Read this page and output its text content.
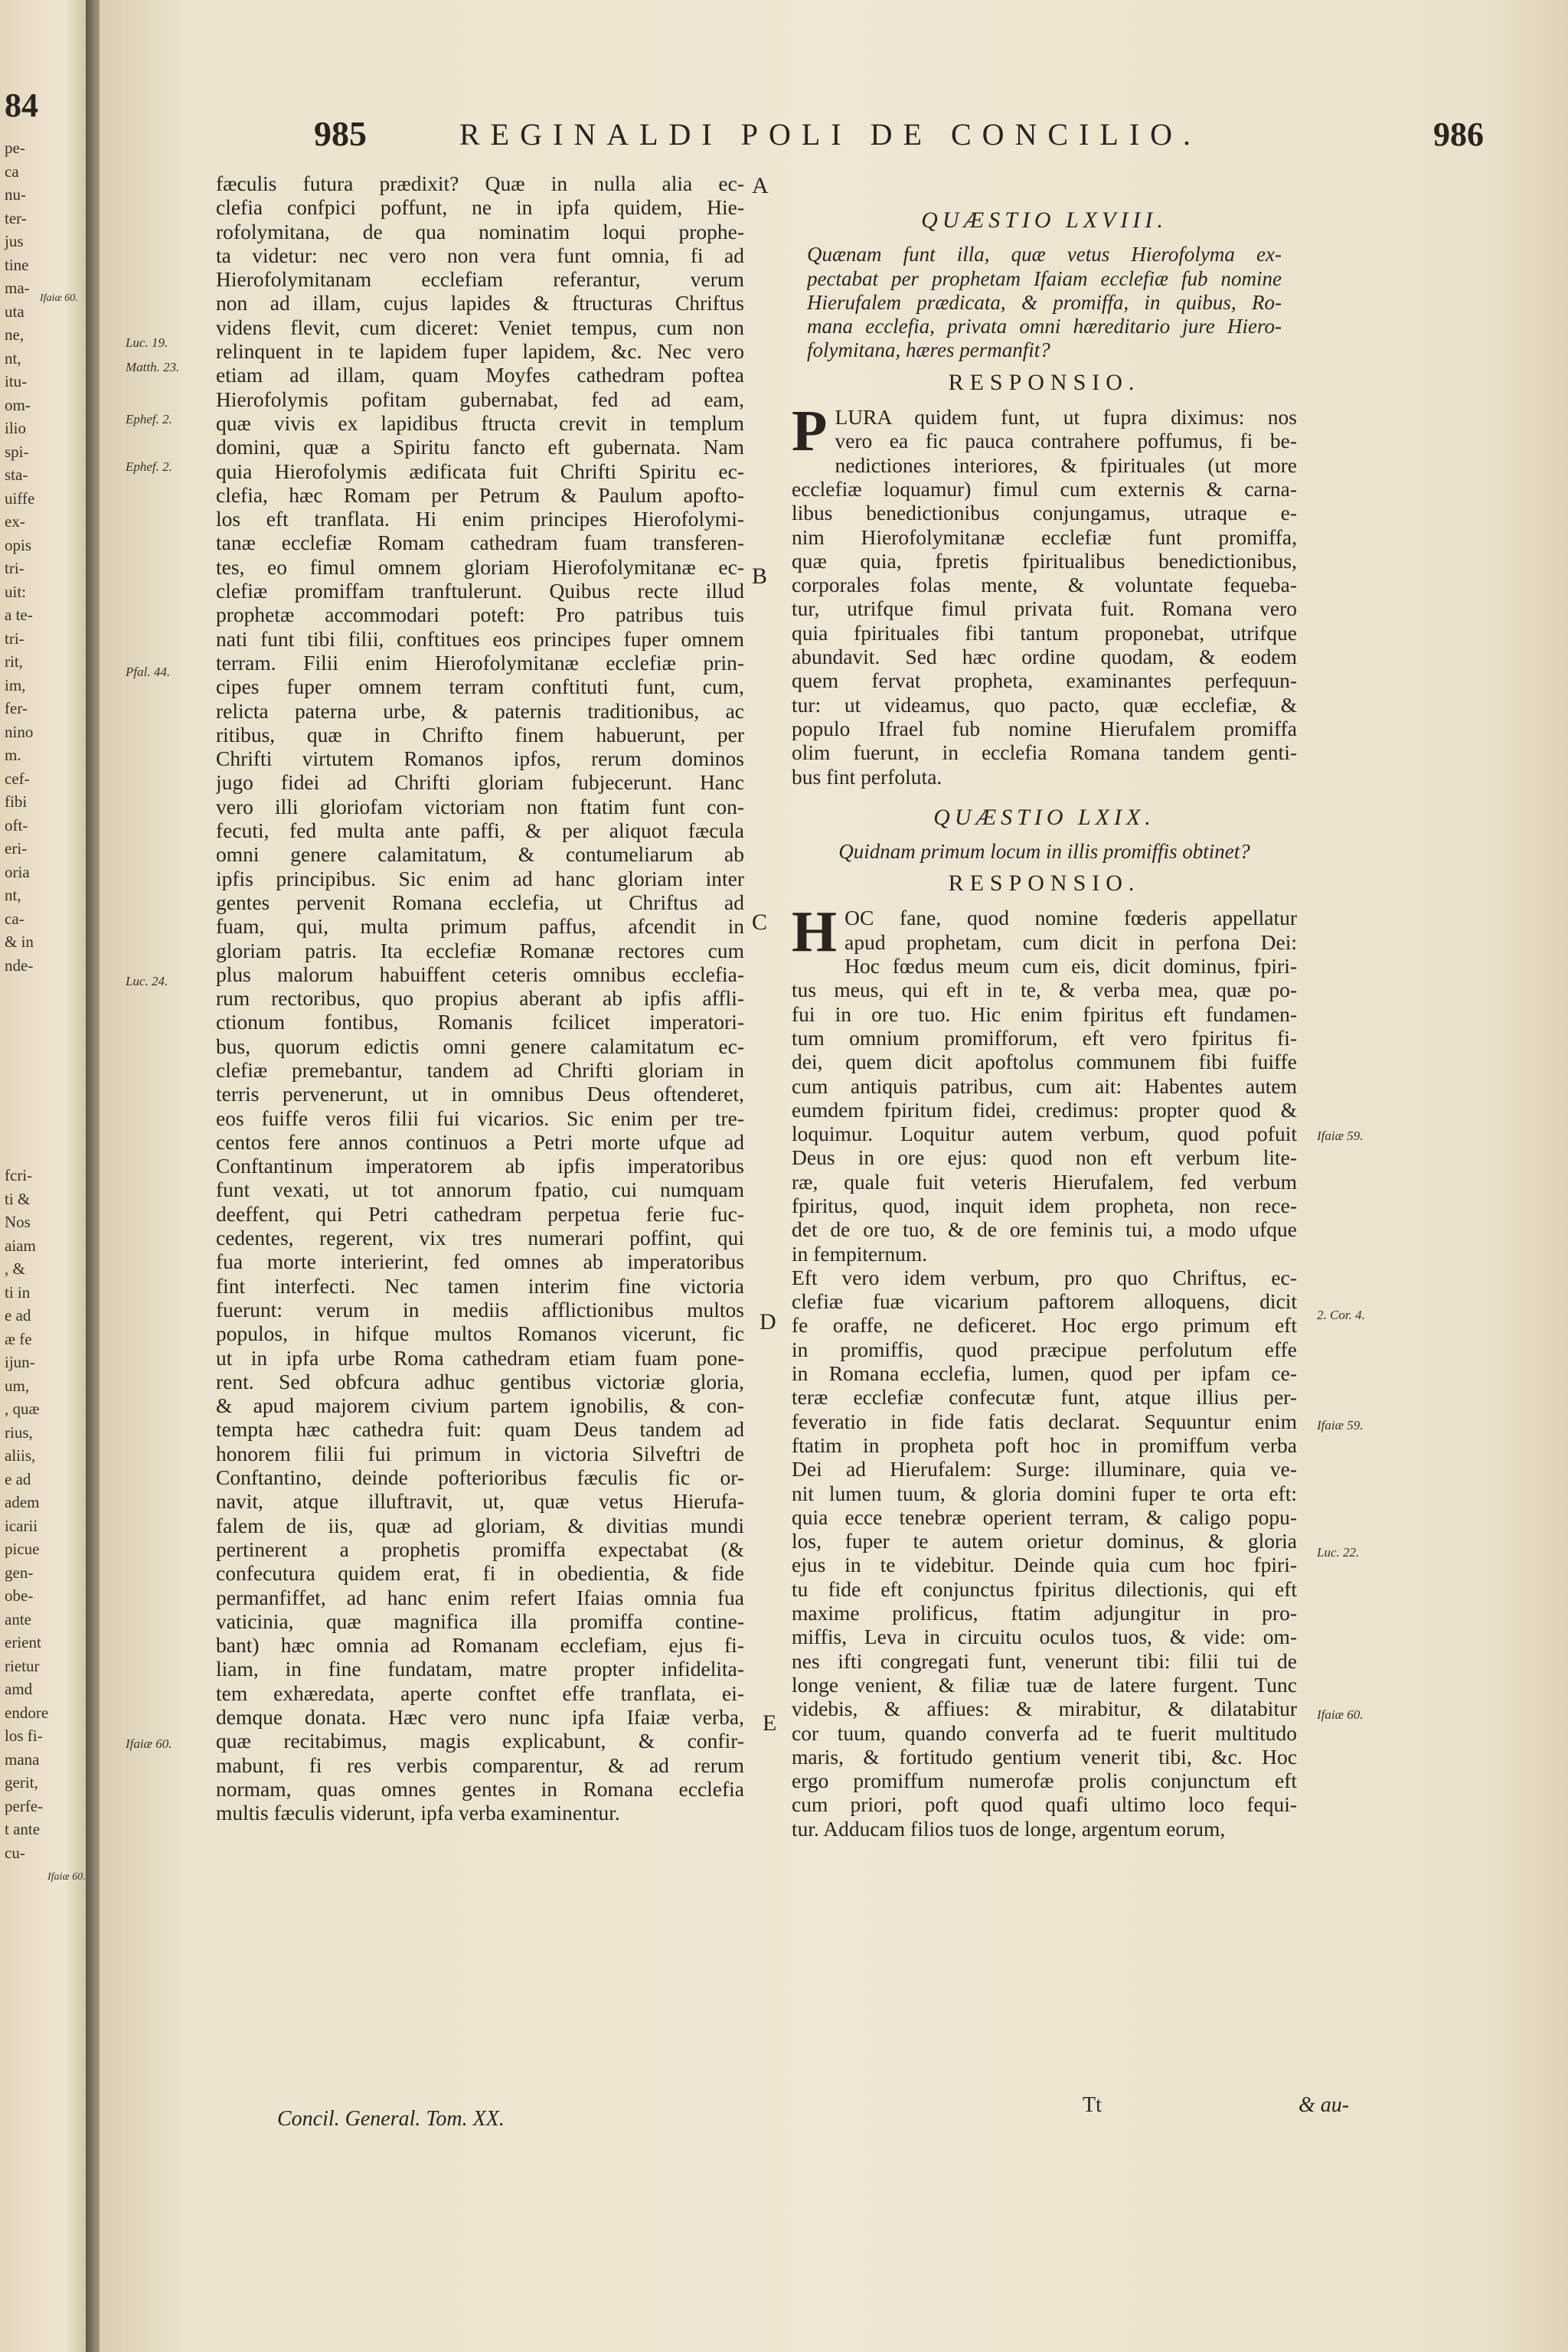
84
pe-
ca
nu-
ter-
jus
tine
ma-
uta
ne,
nt,
itu-
om-
ilio
spi-
sta-
uiffe
ex-
opis
tri-
uit:
a te-
tri-
rit,
im,
fer-
nino
m.
cef-
fibi
oft-
eri-
oria
nt,
ca-
& in
nde-
fcri-
ti &
Nos
aiam
, &
ti in
e ad
æ fe
ijun-
um,
, quæ
rius,
aliis,
e ad
adem
icarii
picue
gen-
obe-
ante
erient
rietur
amd
endore
los fi-
mana
gerit,
perfe-
t ante
cu-
Ifaiæ 60.
Ifaiæ 60.
985	REGINALDI POLI DE CONCILIO.	986
Luc. 19.
Matth. 23.
Ephef. 2.
Ephef. 2.
Pfal. 44.
Luc. 24.
Ifaiæ 60.
Ifaiæ 59.
2. Cor. 4.
Ifaiæ 59.
Luc. 22.
Ifaiæ 60.
A
B
C
D
E
fæculis futura prædixit? Quæ in nulla alia ec-
clefia confpici poffunt, ne in ipfa quidem, Hie-
rofolymitana, de qua nominatim loqui prophe-
ta videtur: nec vero non vera funt omnia, fi ad
Hierofolymitanam ecclefiam referantur, verum
non ad illam, cujus lapides & ftructuras Chriftus
videns flevit, cum diceret: Veniet tempus, cum non
relinquent in te lapidem fuper lapidem, &c. Nec vero
etiam ad illam, quam Moyfes cathedram poftea
Hierofolymis pofitam gubernabat, fed ad eam,
quæ vivis ex lapidibus ftructa crevit in templum
domini, quæ a Spiritu fancto eft gubernata. Nam
quia Hierofolymis ædificata fuit Chrifti Spiritu ec-
clefia, hæc Romam per Petrum & Paulum apofto-
los eft tranflata. Hi enim principes Hierofolymi-
tanæ ecclefiæ Romam cathedram fuam transferen-
tes, eo fimul omnem gloriam Hierofolymitanæ ec-
clefiæ promiffam tranftulerunt. Quibus recte illud
prophetæ accommodari poteft: Pro patribus tuis
nati funt tibi filii, conftitues eos principes fuper omnem
terram. Filii enim Hierofolymitanæ ecclefiæ prin-
cipes fuper omnem terram conftituti funt, cum,
relicta paterna urbe, & paternis traditionibus, ac
ritibus, quæ in Chrifto finem habuerunt, per
Chrifti virtutem Romanos ipfos, rerum dominos
jugo fidei ad Chrifti gloriam fubjecerunt. Hanc
vero illi gloriofam victoriam non ftatim funt con-
fecuti, fed multa ante paffi, & per aliquot fæcula
omni genere calamitatum, & contumeliarum ab
ipfis principibus. Sic enim ad hanc gloriam inter
gentes pervenit Romana ecclefia, ut Chriftus ad
fuam, qui, multa primum paffus, afcendit in
gloriam patris. Ita ecclefiæ Romanæ rectores cum
plus malorum habuiffent ceteris omnibus ecclefia-
rum rectoribus, quo propius aberant ab ipfis affli-
ctionum fontibus, Romanis fcilicet imperatori-
bus, quorum edictis omni genere calamitatum ec-
clefiæ premebantur, tandem ad Chrifti gloriam in
terris pervenerunt, ut in omnibus Deus oftenderet,
eos fuiffe veros filii fui vicarios. Sic enim per tre-
centos fere annos continuos a Petri morte ufque ad
Conftantinum imperatorem ab ipfis imperatoribus
funt vexati, ut tot annorum fpatio, cui numquam
deeffent, qui Petri cathedram perpetua ferie fuc-
cedentes, regerent, vix tres numerari poffint, qui
fua morte interierint, fed omnes ab imperatoribus
fint interfecti. Nec tamen interim fine victoria
fuerunt: verum in mediis afflictionibus multos
populos, in hifque multos Romanos vicerunt, fic
ut in ipfa urbe Roma cathedram etiam fuam pone-
rent. Sed obfcura adhuc gentibus victoriæ gloria,
& apud majorem civium partem ignobilis, & con-
tempta hæc cathedra fuit: quam Deus tandem ad
honorem filii fui primum in victoria Silveftri de
Conftantino, deinde pofterioribus fæculis fic or-
navit, atque illuftravit, ut, quæ vetus Hierufa-
falem de iis, quæ ad gloriam, & divitias mundi
pertinerent a prophetis promiffa expectabat (&
confecutura quidem erat, fi in obedientia, & fide
permanfiffet, ad hanc enim refert Ifaias omnia fua
vaticinia, quæ magnifica illa promiffa contine-
bant) hæc omnia ad Romanam ecclefiam, ejus fi-
liam, in fine fundatam, matre propter infidelita-
tem exhæredata, aperte conftet effe tranflata, ei-
demque donata. Hæc vero nunc ipfa Ifaiæ verba,
quæ recitabimus, magis explicabunt, & confir-
mabunt, fi res verbis comparentur, & ad rerum
normam, quas omnes gentes in Romana ecclefia
multis fæculis viderunt, ipfa verba examinentur.
QUÆSTIO LXVIII.
Quænam funt illa, quæ vetus Hierofolyma ex-
pectabat per prophetam Ifaiam ecclefiæ fub nomine
Hierufalem prædicata, & promiffa, in quibus, Ro-
mana ecclefia, privata omni hæreditario jure Hiero-
folymitana, hæres permanfit?
RESPONSIO.
P LURA quidem funt, ut fupra diximus: nos
vero ea fic pauca contrahere poffumus, fi be-
nedictiones interiores, & fpirituales (ut more
ecclefiæ loquamur) fimul cum externis & carna-
libus benedictionibus conjungamus, utraque e-
nim Hierofolymitanæ ecclefiæ funt promiffa,
quæ quia, fpretis fpiritualibus benedictionibus,
corporales folas mente, & voluntate fequeba-
tur, utrifque fimul privata fuit. Romana vero
quia fpirituales fibi tantum proponebat, utrifque
abundavit. Sed hæc ordine quodam, & eodem
quem fervat propheta, examinantes perfequun-
tur: ut videamus, quo pacto, quæ ecclefiæ, &
populo Ifrael fub nomine Hierufalem promiffa
olim fuerunt, in ecclefia Romana tandem genti-
bus fint perfoluta.
QUÆSTIO LXIX.
Quidnam primum locum in illis promiffis obtinet?
RESPONSIO.
H OC fane, quod nomine fœderis appellatur
apud prophetam, cum dicit in perfona Dei:
Hoc fœdus meum cum eis, dicit dominus, fpiri-
tus meus, qui eft in te, & verba mea, quæ po-
fui in ore tuo. Hic enim fpiritus eft fundamen-
tum omnium promifforum, eft vero fpiritus fi-
dei, quem dicit apoftolus communem fibi fuiffe
cum antiquis patribus, cum ait: Habentes autem
eumdem fpiritum fidei, credimus: propter quod &
loquimur. Loquitur autem verbum, quod pofuit
Deus in ore ejus: quod non eft verbum lite-
ræ, quale fuit veteris Hierufalem, fed verbum
fpiritus, quod, inquit idem propheta, non rece-
det de ore tuo, & de ore feminis tui, a modo ufque
in fempiternum.
Eft vero idem verbum, pro quo Chriftus, ec-
clefiæ fuæ vicarium paftorem alloquens, dicit
fe oraffe, ne deficeret. Hoc ergo primum eft
in promiffis, quod præcipue perfolutum effe
in Romana ecclefia, lumen, quod per ipfam ce-
teræ ecclefiæ confecutæ funt, atque illius per-
feveratio in fide fatis declarat. Sequuntur enim
ftatim in propheta poft hoc in promiffum verba
Dei ad Hierufalem: Surge: illuminare, quia ve-
nit lumen tuum, & gloria domini fuper te orta eft:
quia ecce tenebræ operient terram, & caligo popu-
los, fuper te autem orietur dominus, & gloria
ejus in te videbitur. Deinde quia cum hoc fpiri-
tu fide eft conjunctus fpiritus dilectionis, qui eft
maxime prolificus, ftatim adjungitur in pro-
miffis, Leva in circuitu oculos tuos, & vide: om-
nes ifti congregati funt, venerunt tibi: filii tui de
longe venient, & filiæ tuæ de latere furgent. Tunc
videbis, & affiues: & mirabitur, & dilatabitur
cor tuum, quando converfa ad te fuerit multitudo
maris, & fortitudo gentium venerit tibi, &c. Hoc
ergo promiffum numerofæ prolis conjunctum eft
cum priori, poft quod quafi ultimo loco fequi-
tur. Adducam filios tuos de longe, argentum eorum,
Concil. General. Tom. XX.
Tt	& au-
